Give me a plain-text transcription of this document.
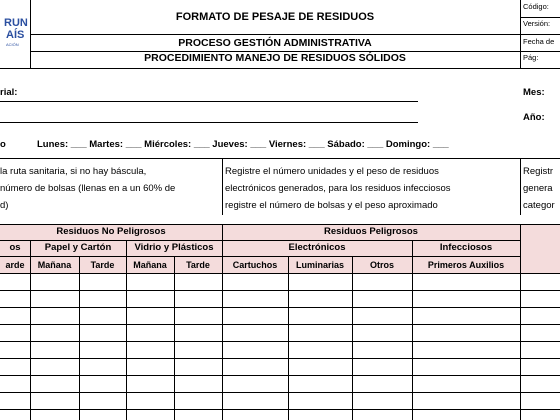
RUN
AÍS
ACIÓN
FORMATO DE PESAJE DE RESIDUOS
PROCESO GESTIÓN ADMINISTRATIVA
PROCEDIMIENTO MANEJO DE RESIDUOS SÓLIDOS
Código:
Versión:
Fecha de
Pág:
rial:	Mes:
Año:
o	Lunes: ___ Martes: ___ Miércoles: ___ Jueves: ___ Viernes: ___ Sábado: ___ Domingo: ___
la ruta sanitaria, si no hay báscula,
número de bolsas (llenas en a un 60% de
d)
Registre el número unidades y el peso de residuos
electrónicos generados, para los residuos infecciosos
registre el número de bolsas y el peso aproximado
Registr
genera
categor
Residuos No Peligrosos	Residuos Peligrosos
os	Papel y Cartón	Vidrio y Plásticos	Electrónicos	Infecciosos
arde	Mañana	Tarde	Mañana	Tarde	Cartuchos	Luminarias	Otros	Primeros Auxilios
